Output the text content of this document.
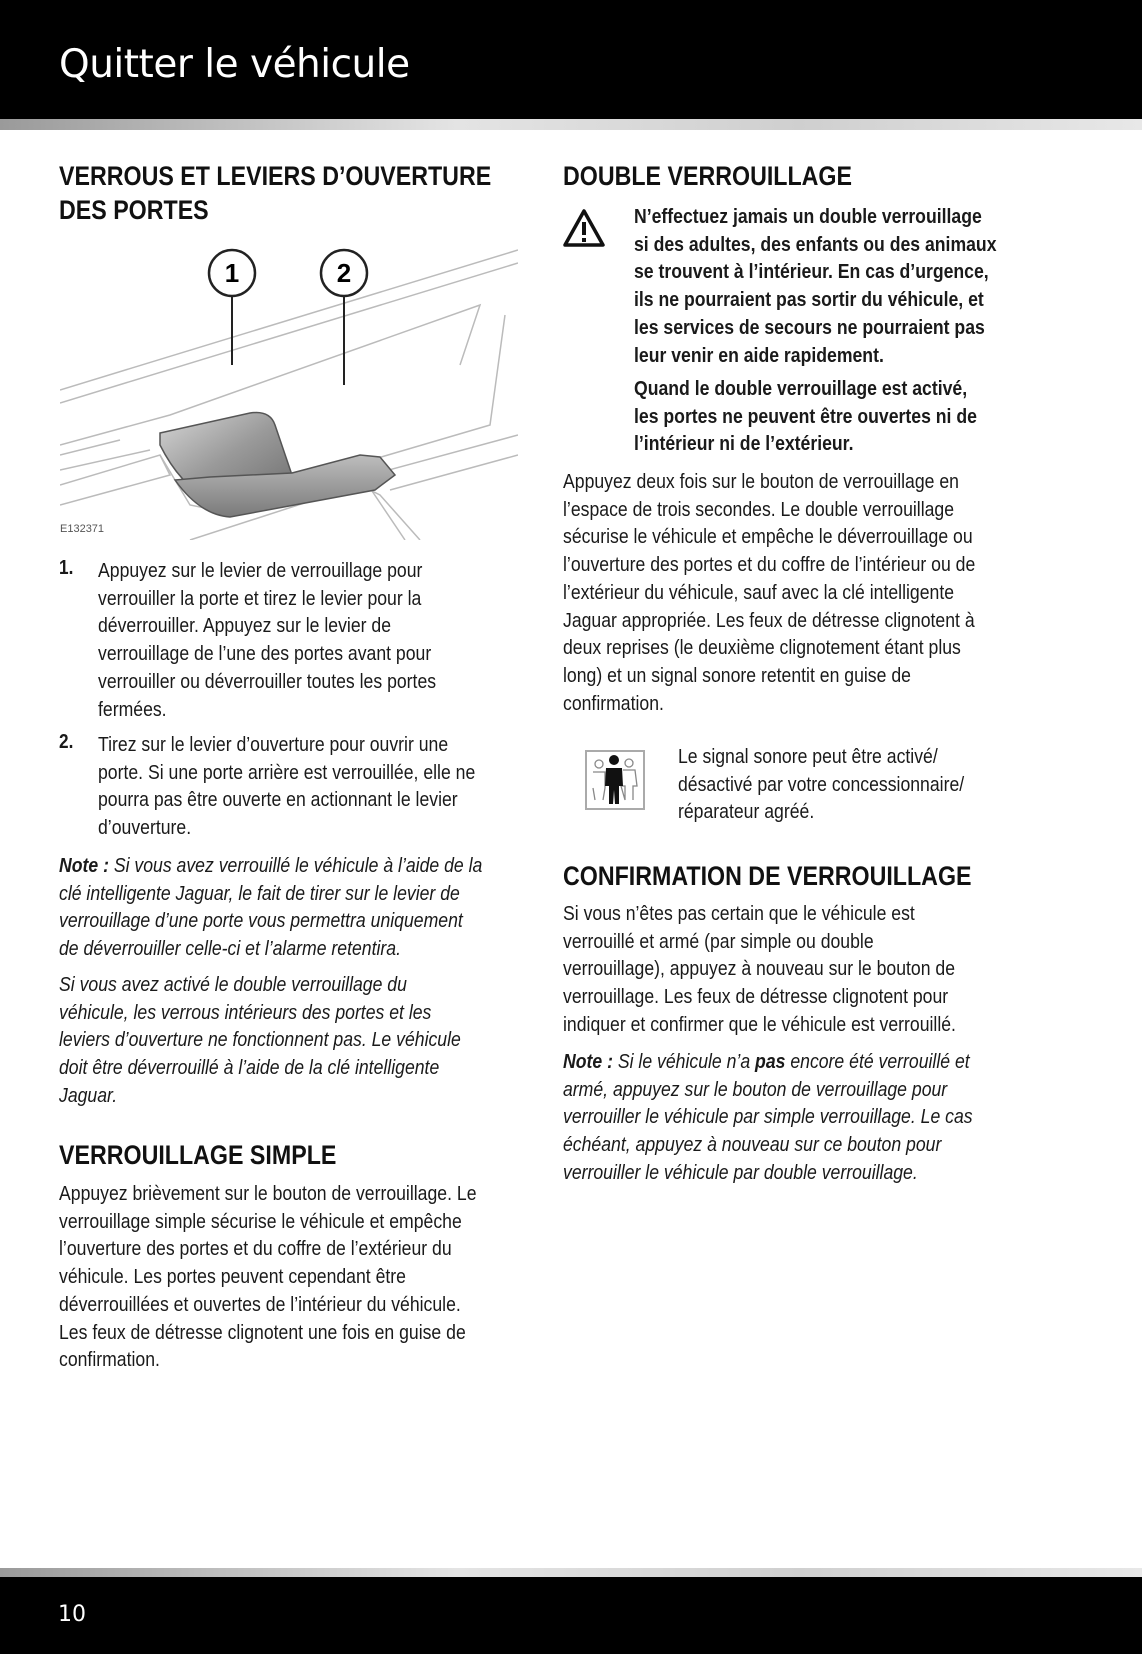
Quitter le véhicule
VERROUS ET LEVIERS D’OUVERTURE
DES PORTES
1	2
E132371
1. Appuyez sur le levier de verrouillage pour
verrouiller la porte et tirez le levier pour la
déverrouiller. Appuyez sur le levier de
verrouillage de l’une des portes avant pour
verrouiller ou déverrouiller toutes les portes
fermées.
2. Tirez sur le levier d’ouverture pour ouvrir une
porte. Si une porte arrière est verrouillée, elle ne
pourra pas être ouverte en actionnant le levier
d’ouverture.
Note : Si vous avez verrouillé le véhicule à l’aide de la
clé intelligente Jaguar, le fait de tirer sur le levier de
verrouillage d’une porte vous permettra uniquement
de déverrouiller celle-ci et l’alarme retentira.
Si vous avez activé le double verrouillage du
véhicule, les verrous intérieurs des portes et les
leviers d’ouverture ne fonctionnent pas. Le véhicule
doit être déverrouillé à l’aide de la clé intelligente
Jaguar.
VERROUILLAGE SIMPLE
Appuyez brièvement sur le bouton de verrouillage. Le
verrouillage simple sécurise le véhicule et empêche
l’ouverture des portes et du coffre de l’extérieur du
véhicule. Les portes peuvent cependant être
déverrouillées et ouvertes de l’intérieur du véhicule.
Les feux de détresse clignotent une fois en guise de
confirmation.
DOUBLE VERROUILLAGE
N’effectuez jamais un double verrouillage
si des adultes, des enfants ou des animaux
se trouvent à l’intérieur. En cas d’urgence,
ils ne pourraient pas sortir du véhicule, et
les services de secours ne pourraient pas
leur venir en aide rapidement.
Quand le double verrouillage est activé,
les portes ne peuvent être ouvertes ni de
l’intérieur ni de l’extérieur.
Appuyez deux fois sur le bouton de verrouillage en
l’espace de trois secondes. Le double verrouillage
sécurise le véhicule et empêche le déverrouillage ou
l’ouverture des portes et du coffre de l’intérieur ou de
l’extérieur du véhicule, sauf avec la clé intelligente
Jaguar appropriée. Les feux de détresse clignotent à
deux reprises (le deuxième clignotement étant plus
long) et un signal sonore retentit en guise de
confirmation.
Le signal sonore peut être activé/
désactivé par votre concessionnaire/
réparateur agréé.
CONFIRMATION DE VERROUILLAGE
Si vous n’êtes pas certain que le véhicule est
verrouillé et armé (par simple ou double
verrouillage), appuyez à nouveau sur le bouton de
verrouillage. Les feux de détresse clignotent pour
indiquer et confirmer que le véhicule est verrouillé.
Note : Si le véhicule n’a pas encore été verrouillé et
armé, appuyez sur le bouton de verrouillage pour
verrouiller le véhicule par simple verrouillage. Le cas
échéant, appuyez à nouveau sur ce bouton pour
verrouiller le véhicule par double verrouillage.
10
